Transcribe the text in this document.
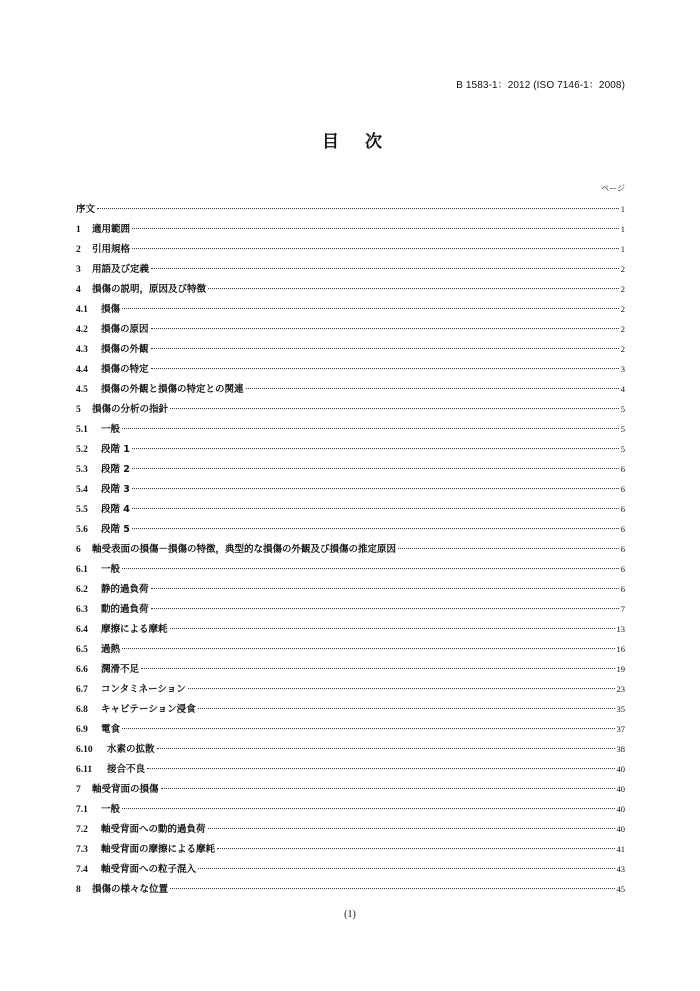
B 1583-1：2012 (ISO 7146-1：2008)
目 次
ページ
序文	1
1	適用範囲	1
2	引用規格	1
3	用語及び定義	2
4	損傷の説明，原因及び特徴	2
4.1	損傷	2
4.2	損傷の原因	2
4.3	損傷の外観	2
4.4	損傷の特定	3
4.5	損傷の外観と損傷の特定との関連	4
5	損傷の分析の指針	5
5.1	一般	5
5.2	段階 1	5
5.3	段階 2	6
5.4	段階 3	6
5.5	段階 4	6
5.6	段階 5	6
6	軸受表面の損傷－損傷の特徴，典型的な損傷の外観及び損傷の推定原因	6
6.1	一般	6
6.2	静的過負荷	6
6.3	動的過負荷	7
6.4	摩擦による摩耗	13
6.5	過熱	16
6.6	潤滑不足	19
6.7	コンタミネーション	23
6.8	キャビテーション浸食	35
6.9	電食	37
6.10	水素の拡散	38
6.11	接合不良	40
7	軸受背面の損傷	40
7.1	一般	40
7.2	軸受背面への動的過負荷	40
7.3	軸受背面の摩擦による摩耗	41
7.4	軸受背面への粒子混入	43
8	損傷の様々な位置	45
(1)
